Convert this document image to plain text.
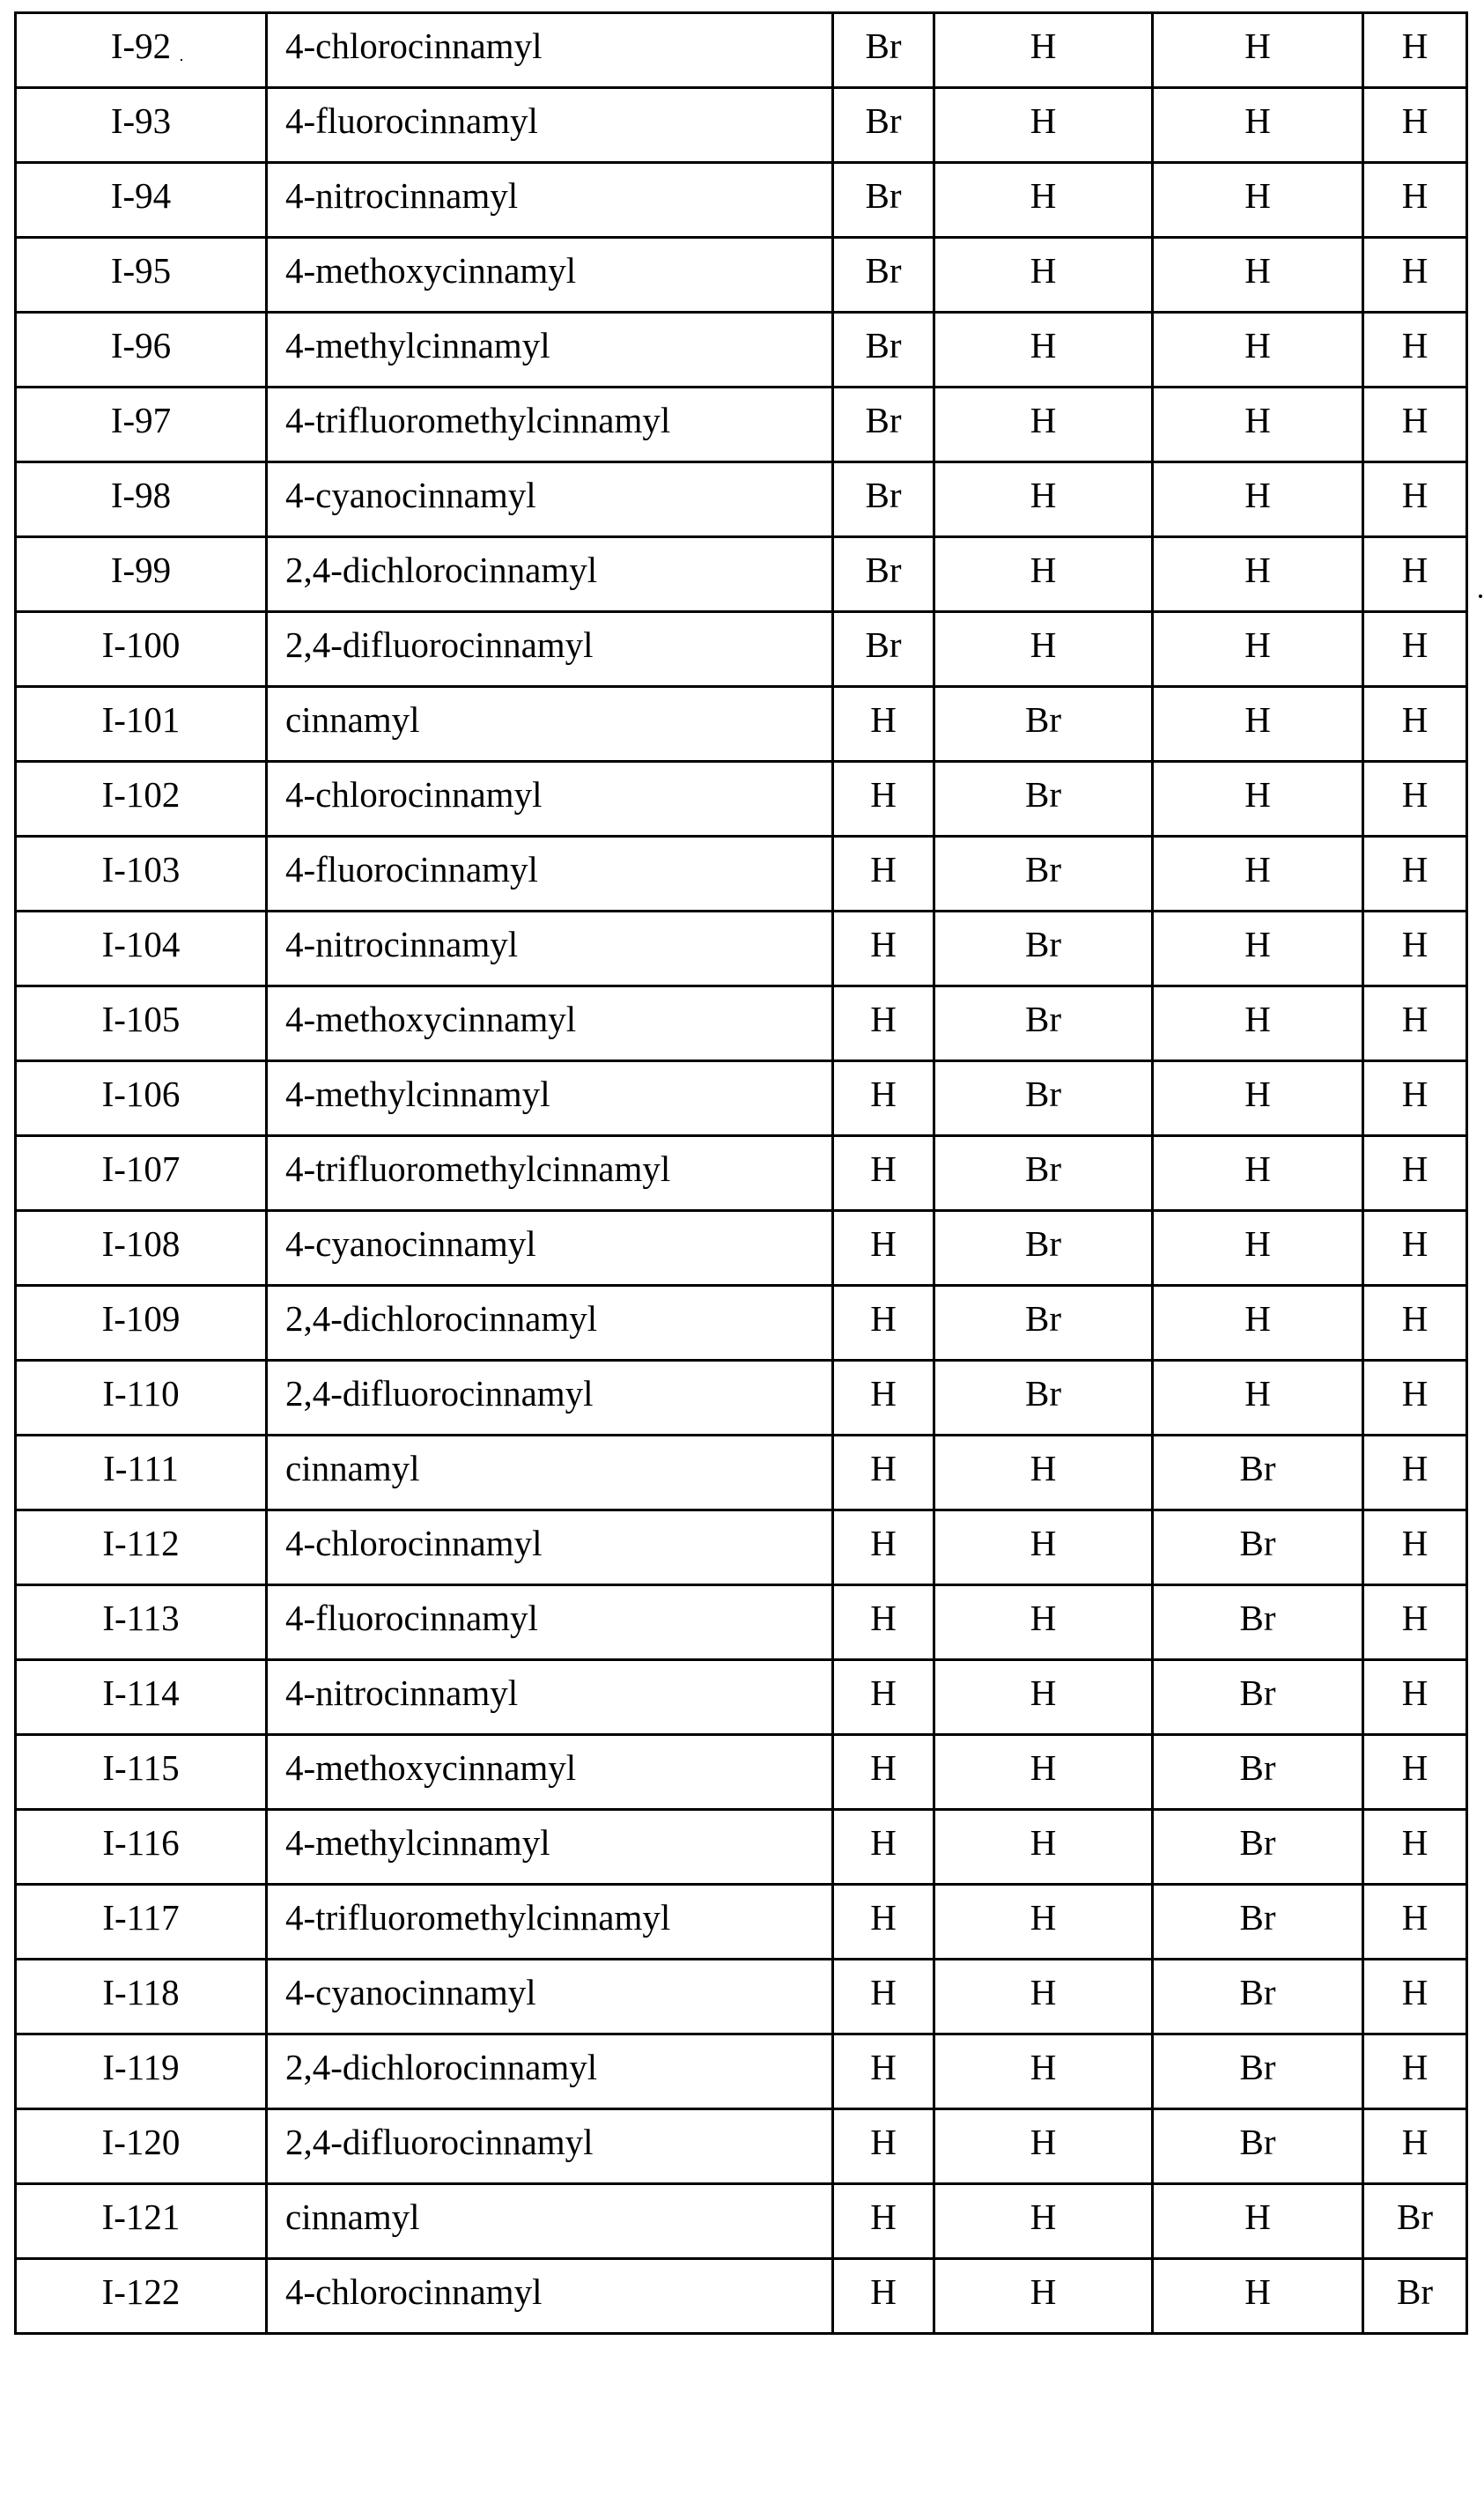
I-92	4-chlorocinnamyl	Br	H	H	H
I-93	4-fluorocinnamyl	Br	H	H	H
I-94	4-nitrocinnamyl	Br	H	H	H
I-95	4-methoxycinnamyl	Br	H	H	H
I-96	4-methylcinnamyl	Br	H	H	H
I-97	4-trifluoromethylcinnamyl	Br	H	H	H
I-98	4-cyanocinnamyl	Br	H	H	H
I-99	2,4-dichlorocinnamyl	Br	H	H	H
I-100	2,4-difluorocinnamyl	Br	H	H	H
I-101	cinnamyl	H	Br	H	H
I-102	4-chlorocinnamyl	H	Br	H	H
I-103	4-fluorocinnamyl	H	Br	H	H
I-104	4-nitrocinnamyl	H	Br	H	H
I-105	4-methoxycinnamyl	H	Br	H	H
I-106	4-methylcinnamyl	H	Br	H	H
I-107	4-trifluoromethylcinnamyl	H	Br	H	H
I-108	4-cyanocinnamyl	H	Br	H	H
I-109	2,4-dichlorocinnamyl	H	Br	H	H
I-110	2,4-difluorocinnamyl	H	Br	H	H
I-111	cinnamyl	H	H	Br	H
I-112	4-chlorocinnamyl	H	H	Br	H
I-113	4-fluorocinnamyl	H	H	Br	H
I-114	4-nitrocinnamyl	H	H	Br	H
I-115	4-methoxycinnamyl	H	H	Br	H
I-116	4-methylcinnamyl	H	H	Br	H
I-117	4-trifluoromethylcinnamyl	H	H	Br	H
I-118	4-cyanocinnamyl	H	H	Br	H
I-119	2,4-dichlorocinnamyl	H	H	Br	H
I-120	2,4-difluorocinnamyl	H	H	Br	H
I-121	cinnamyl	H	H	H	Br
I-122	4-chlorocinnamyl	H	H	H	Br
